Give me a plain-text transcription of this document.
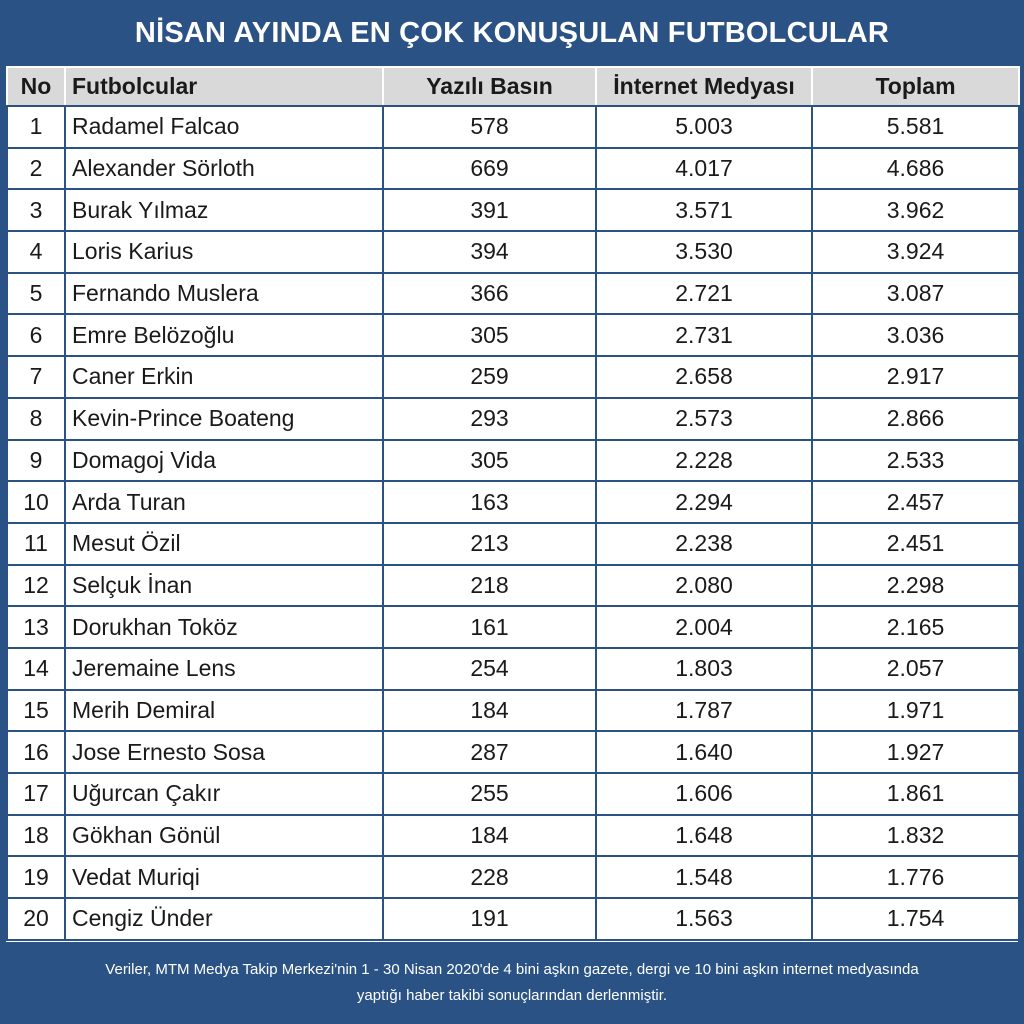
NİSAN AYINDA EN ÇOK KONUŞULAN FUTBOLCULAR
No	Futbolcular	Yazılı Basın	İnternet Medyası	Toplam
1	Radamel Falcao	578	5.003	5.581
2	Alexander Sörloth	669	4.017	4.686
3	Burak Yılmaz	391	3.571	3.962
4	Loris Karius	394	3.530	3.924
5	Fernando Muslera	366	2.721	3.087
6	Emre Belözoğlu	305	2.731	3.036
7	Caner Erkin	259	2.658	2.917
8	Kevin-Prince Boateng	293	2.573	2.866
9	Domagoj Vida	305	2.228	2.533
10	Arda Turan	163	2.294	2.457
11	Mesut Özil	213	2.238	2.451
12	Selçuk İnan	218	2.080	2.298
13	Dorukhan Toköz	161	2.004	2.165
14	Jeremaine Lens	254	1.803	2.057
15	Merih Demiral	184	1.787	1.971
16	Jose Ernesto Sosa	287	1.640	1.927
17	Uğurcan Çakır	255	1.606	1.861
18	Gökhan Gönül	184	1.648	1.832
19	Vedat Muriqi	228	1.548	1.776
20	Cengiz Ünder	191	1.563	1.754
Veriler, MTM Medya Takip Merkezi'nin 1 - 30 Nisan 2020'de 4 bini aşkın gazete, dergi ve 10 bini aşkın internet medyasında
yaptığı haber takibi sonuçlarından derlenmiştir.
